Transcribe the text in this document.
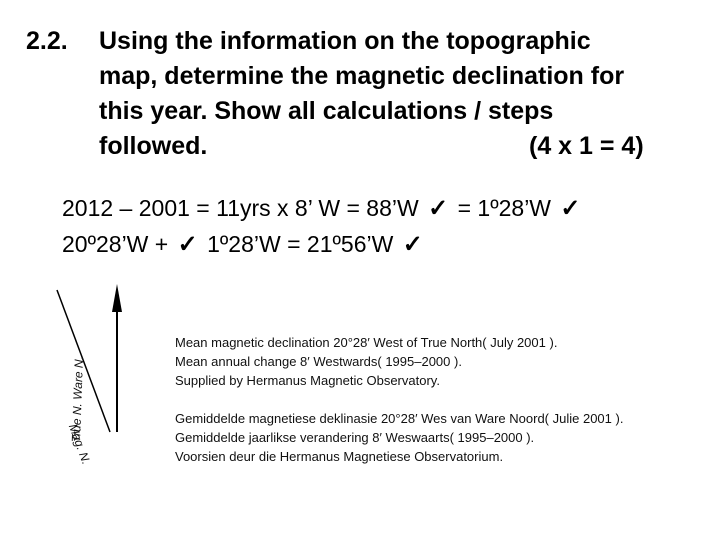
2.2. Using the information on the topographic
map, determine the magnetic declination for
this year. Show all calculations / steps
followed.	(4 x 1 = 4)
2012 – 2001 = 11yrs x 8’ W = 88’W ✓ = 1º28’W ✓
20º28’W + ✓ 1º28’W = 21º56’W ✓
True N. Ware N.
Mag. N.
Mean magnetic declination 20°28′ West of True North( July 2001 ).
Mean annual change 8′ Westwards( 1995–2000 ).
Supplied by Hermanus Magnetic Observatory.
Gemiddelde magnetiese deklinasie 20°28′ Wes van Ware Noord( Julie 2001 ).
Gemiddelde jaarlikse verandering 8′ Weswaarts( 1995–2000 ).
Voorsien deur die Hermanus Magnetiese Observatorium.
